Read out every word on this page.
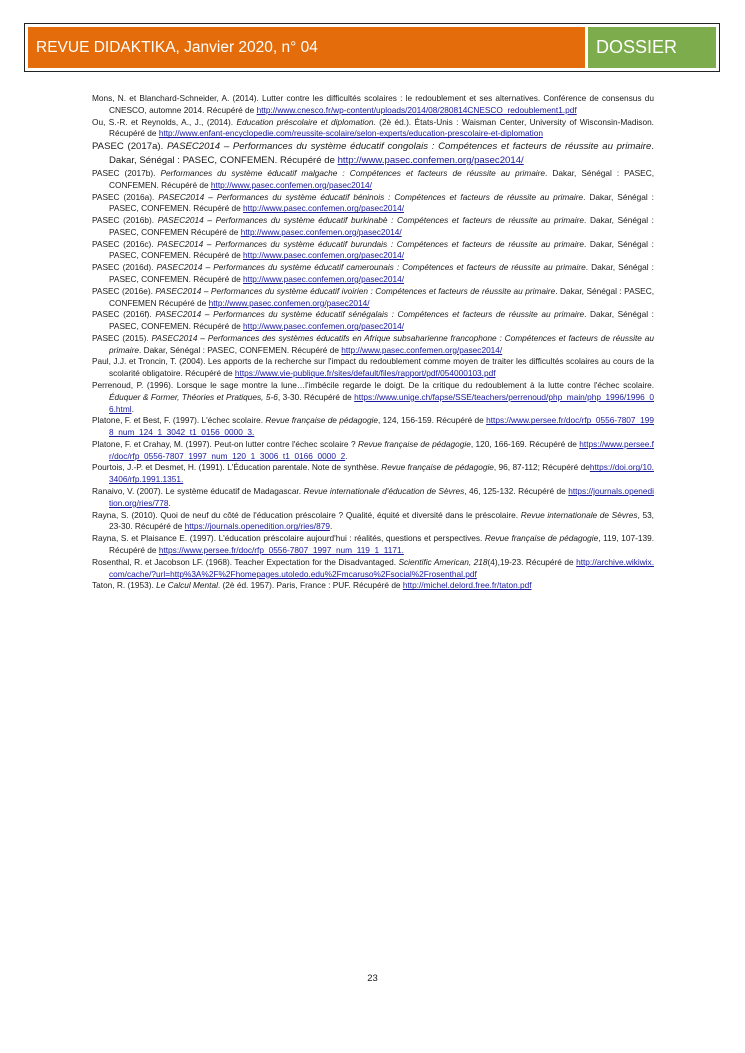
REVUE DIDAKTIKA, Janvier 2020, n° 04	DOSSIER

Mons, N. et Blanchard-Schneider, A. (2014). Lutter contre les difficultés scolaires : le redoublement et ses alternatives. Conférence de consensus du CNESCO, automne 2014. Récupéré de http://www.cnesco.fr/wp-content/uploads/2014/08/280814CNESCO_redoublement1.pdf

Ou, S.-R. et Reynolds, A., J., (2014). Education préscolaire et diplomation. (2è éd.). États-Unis : Waisman Center, University of Wisconsin-Madison. Récupéré de http://www.enfant-encyclopedie.com/reussite-scolaire/selon-experts/education-prescolaire-et-diplomation

PASEC (2017a). PASEC2014 – Performances du système éducatif congolais : Compétences et facteurs de réussite au primaire. Dakar, Sénégal : PASEC, CONFEMEN. Récupéré de http://www.pasec.confemen.org/pasec2014/

PASEC (2017b). Performances du système éducatif malgache : Compétences et facteurs de réussite au primaire. Dakar, Sénégal : PASEC, CONFEMEN. Récupéré de http://www.pasec.confemen.org/pasec2014/

PASEC (2016a). PASEC2014 – Performances du système éducatif béninois : Compétences et facteurs de réussite au primaire. Dakar, Sénégal : PASEC, CONFEMEN. Récupéré de http://www.pasec.confemen.org/pasec2014/

PASEC (2016b). PASEC2014 – Performances du système éducatif burkinabè : Compétences et facteurs de réussite au primaire. Dakar, Sénégal : PASEC, CONFEMEN Récupéré de http://www.pasec.confemen.org/pasec2014/

PASEC (2016c). PASEC2014 – Performances du système éducatif burundais : Compétences et facteurs de réussite au primaire. Dakar, Sénégal : PASEC, CONFEMEN. Récupéré de http://www.pasec.confemen.org/pasec2014/

PASEC (2016d). PASEC2014 – Performances du système éducatif camerounais : Compétences et facteurs de réussite au primaire. Dakar, Sénégal : PASEC, CONFEMEN. Récupéré de http://www.pasec.confemen.org/pasec2014/

PASEC (2016e). PASEC2014 – Performances du système éducatif ivoirien : Compétences et facteurs de réussite au primaire. Dakar, Sénégal : PASEC, CONFEMEN Récupéré de http://www.pasec.confemen.org/pasec2014/

PASEC (2016f). PASEC2014 – Performances du système éducatif sénégalais : Compétences et facteurs de réussite au primaire. Dakar, Sénégal : PASEC, CONFEMEN. Récupéré de http://www.pasec.confemen.org/pasec2014/

PASEC (2015). PASEC2014 – Performances des systèmes éducatifs en Afrique subsaharienne francophone : Compétences et facteurs de réussite au primaire. Dakar, Sénégal : PASEC, CONFEMEN. Récupéré de http://www.pasec.confemen.org/pasec2014/

Paul, J.J. et Troncin, T. (2004). Les apports de la recherche sur l'impact du redoublement comme moyen de traiter les difficultés scolaires au cours de la scolarité obligatoire. Récupéré de https://www.vie-publique.fr/sites/default/files/rapport/pdf/054000103.pdf

Perrenoud, P. (1996). Lorsque le sage montre la lune…l'imbécile regarde le doigt. De la critique du redoublement à la lutte contre l'échec scolaire. Éduquer & Former, Théories et Pratiques, 5-6, 3-30. Récupéré de https://www.unige.ch/fapse/SSE/teachers/perrenoud/php_main/php_1996/1996_06.html.

Platone, F. et Best, F. (1997). L'échec scolaire. Revue française de pédagogie, 124, 156-159. Récupéré de https://www.persee.fr/doc/rfp_0556-7807_1998_num_124_1_3042_t1_0156_0000_3.

Platone, F. et Crahay, M. (1997). Peut-on lutter contre l'échec scolaire ? Revue française de pédagogie, 120, 166-169. Récupéré de https://www.persee.fr/doc/rfp_0556-7807_1997_num_120_1_3006_t1_0166_0000_2.

Pourtois, J.-P. et Desmet, H. (1991). L'Éducation parentale. Note de synthèse. Revue française de pédagogie, 96, 87-112; Récupéré dehttps://doi.org/10.3406/rfp.1991.1351.

Ranaivo, V. (2007). Le système éducatif de Madagascar. Revue internationale d'éducation de Sèvres, 46, 125-132. Récupéré de https://journals.openedition.org/ries/778.

Rayna, S. (2010). Quoi de neuf du côté de l'éducation préscolaire ? Qualité, équité et diversité dans le préscolaire. Revue internationale de Sèvres, 53, 23-30. Récupéré de https://journals.openedition.org/ries/879.

Rayna, S. et Plaisance E. (1997). L'éducation préscolaire aujourd'hui : réalités, questions et perspectives. Revue française de pédagogie, 119, 107-139. Récupéré de https://www.persee.fr/doc/rfp_0556-7807_1997_num_119_1_1171.

Rosenthal, R. et Jacobson LF. (1968). Teacher Expectation for the Disadvantaged. Scientific American, 218(4),19-23. Récupéré de http://archive.wikiwix.com/cache/?url=http%3A%2F%2Fhomepages.utoledo.edu%2Fmcaruso%2Fsocial%2Frosenthal.pdf

Taton, R. (1953). Le Calcul Mental. (2è éd. 1957). Paris, France : PUF. Récupéré de http://michel.delord.free.fr/taton.pdf

23
